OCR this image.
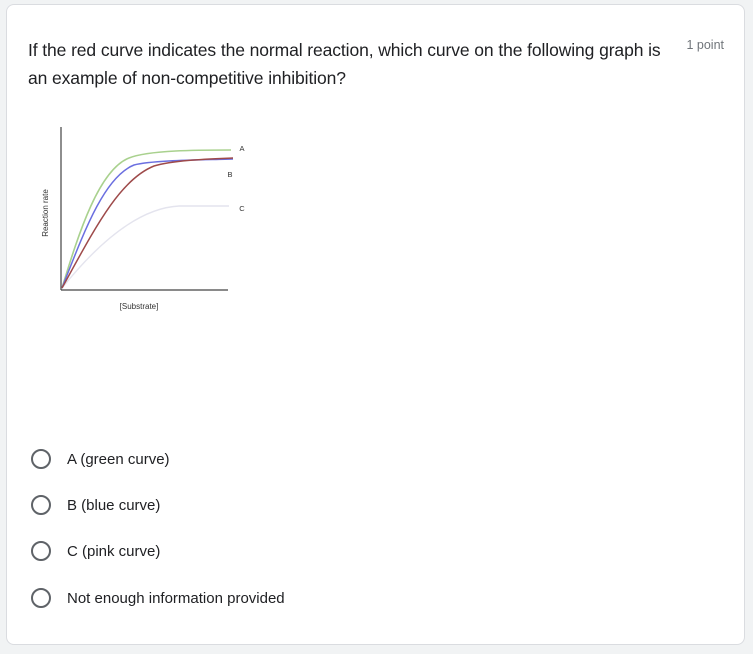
If the red curve indicates the normal reaction, which curve on the following graph is an example of non-competitive inhibition?
1 point
A
B
C
[Substrate]
Reaction rate
A (green curve)
B (blue curve)
C (pink curve)
Not enough information provided
